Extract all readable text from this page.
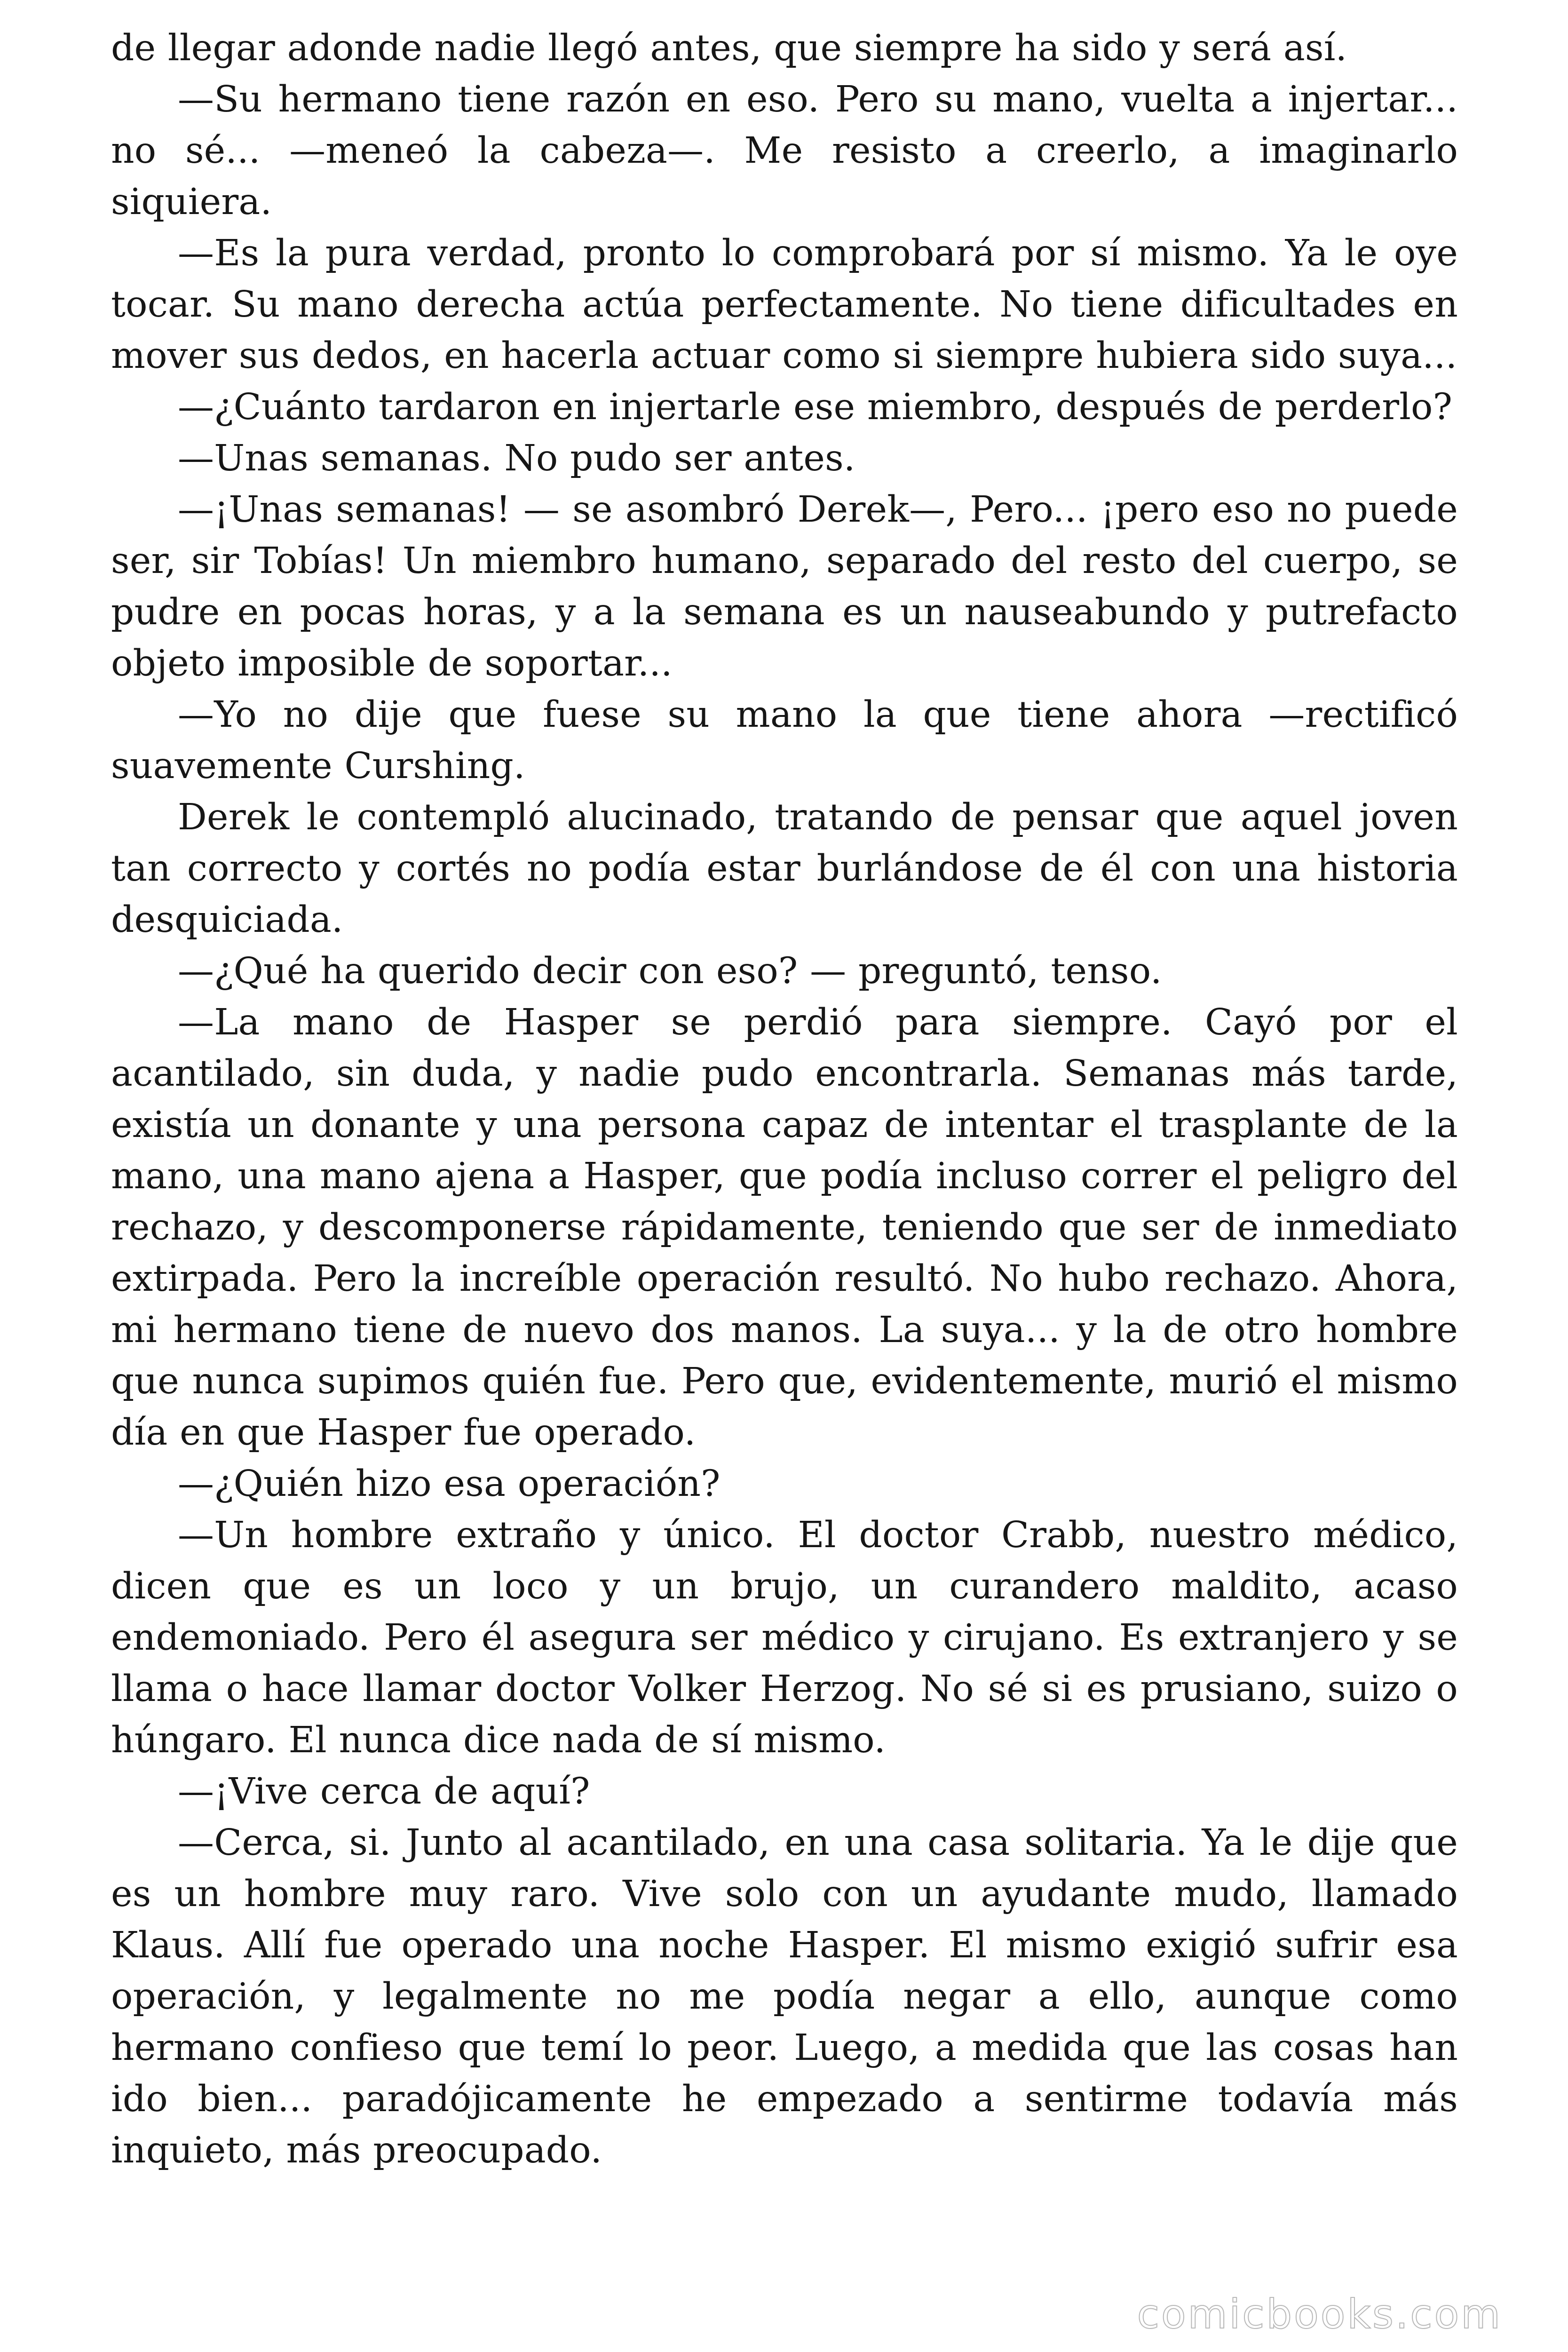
de llegar adonde nadie llegó antes, que siempre ha sido y será así.

—Su hermano tiene razón en eso. Pero su mano, vuelta a injertar... no sé... —meneó la cabeza—. Me resisto a creerlo, a imaginarlo siquiera.

—Es la pura verdad, pronto lo comprobará por sí mismo. Ya le oye tocar. Su mano derecha actúa perfectamente. No tiene dificultades en mover sus dedos, en hacerla actuar como si siempre hubiera sido suya...

—¿Cuánto tardaron en injertarle ese miembro, después de perderlo?

—Unas semanas. No pudo ser antes.

—¡Unas semanas! — se asombró Derek—, Pero... ¡pero eso no puede ser, sir Tobías! Un miembro humano, separado del resto del cuerpo, se pudre en pocas horas, y a la semana es un nauseabundo y putrefacto objeto imposible de soportar...

—Yo no dije que fuese su mano la que tiene ahora —rectificó suavemente Curshing.

Derek le contempló alucinado, tratando de pensar que aquel joven tan correcto y cortés no podía estar burlándose de él con una historia desquiciada.

—¿Qué ha querido decir con eso? — preguntó, tenso.

—La mano de Hasper se perdió para siempre. Cayó por el acantilado, sin duda, y nadie pudo encontrarla. Semanas más tarde, existía un donante y una persona capaz de intentar el trasplante de la mano, una mano ajena a Hasper, que podía incluso correr el peligro del rechazo, y descomponerse rápidamente, teniendo que ser de inmediato extirpada. Pero la increíble operación resultó. No hubo rechazo. Ahora, mi hermano tiene de nuevo dos manos. La suya... y la de otro hombre que nunca supimos quién fue. Pero que, evidentemente, murió el mismo día en que Hasper fue operado.

—¿Quién hizo esa operación?

—Un hombre extraño y único. El doctor Crabb, nuestro médico, dicen que es un loco y un brujo, un curandero maldito, acaso endemoniado. Pero él asegura ser médico y cirujano. Es extranjero y se llama o hace llamar doctor Volker Herzog. No sé si es prusiano, suizo o húngaro. El nunca dice nada de sí mismo.

—¡Vive cerca de aquí?

—Cerca, si. Junto al acantilado, en una casa solitaria. Ya le dije que es un hombre muy raro. Vive solo con un ayudante mudo, llamado Klaus. Allí fue operado una noche Hasper. El mismo exigió sufrir esa operación, y legalmente no me podía negar a ello, aunque como hermano confieso que temí lo peor. Luego, a medida que las cosas han ido bien... paradójicamente he empezado a sentirme todavía más inquieto, más preocupado.

comicbooks.com
